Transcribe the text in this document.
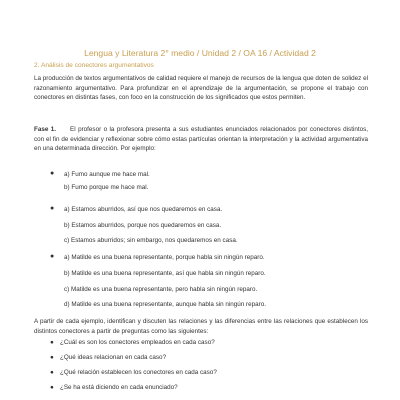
Lengua y Literatura 2° medio / Unidad 2 / OA 16 / Actividad 2
2. Análisis de conectores argumentativos
La producción de textos argumentativos de calidad requiere el manejo de recursos de la lengua que doten de solidez el razonamiento argumentativo. Para profundizar en el aprendizaje de la argumentación, se propone el trabajo con conectores en distintas fases, con foco en la construcción de los significados que estos permiten.
Fase 1. El profesor o la profesora presenta a sus estudiantes enunciados relacionados por conectores distintos, con el fin de evidenciar y reflexionar sobre cómo estas partículas orientan la interpretación y la actividad argumentativa en una determinada dirección. Por ejemplo:
● a) Fumo aunque me hace mal.
b) Fumo porque me hace mal.
● a) Estamos aburridos, así que nos quedaremos en casa.
b) Estamos aburridos, porque nos quedaremos en casa.
c) Estamos aburridos; sin embargo, nos quedaremos en casa.
● a) Matilde es una buena representante, porque habla sin ningún reparo.
b) Matilde es una buena representante, así que habla sin ningún reparo.
c) Matilde es una buena representante, pero habla sin ningún reparo.
d) Matilde es una buena representante, aunque habla sin ningún reparo.
A partir de cada ejemplo, identifican y discuten las relaciones y las diferencias entre las relaciones que establecen los distintos conectores a partir de preguntas como las siguientes:
● ¿Cuál es son los conectores empleados en cada caso?
● ¿Qué ideas relacionan en cada caso?
● ¿Qué relación establecen los conectores en cada caso?
● ¿Se ha está diciendo en cada enunciado?
